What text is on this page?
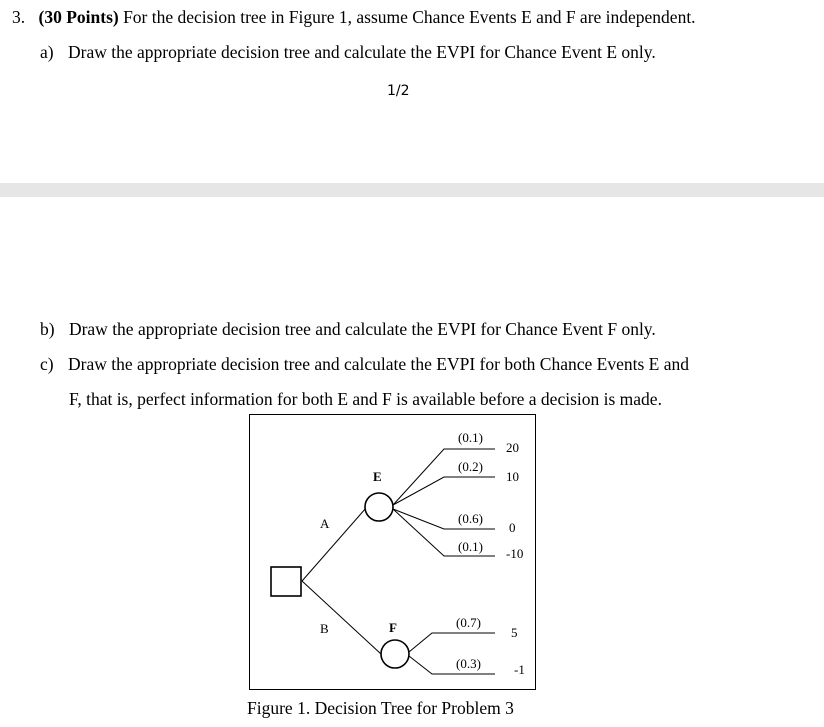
3. (30 Points) For the decision tree in Figure 1, assume Chance Events E and F are independent.
a) Draw the appropriate decision tree and calculate the EVPI for Chance Event E only.
1/2
b) Draw the appropriate decision tree and calculate the EVPI for Chance Event F only.
c) Draw the appropriate decision tree and calculate the EVPI for both Chance Events E and
F, that is, perfect information for both E and F is available before a decision is made.
A
B
E
F
(0.1)
(0.2)
(0.6)
(0.1)
20
10
0
-10
(0.7)
(0.3)
5
-1
Figure 1. Decision Tree for Problem 3
